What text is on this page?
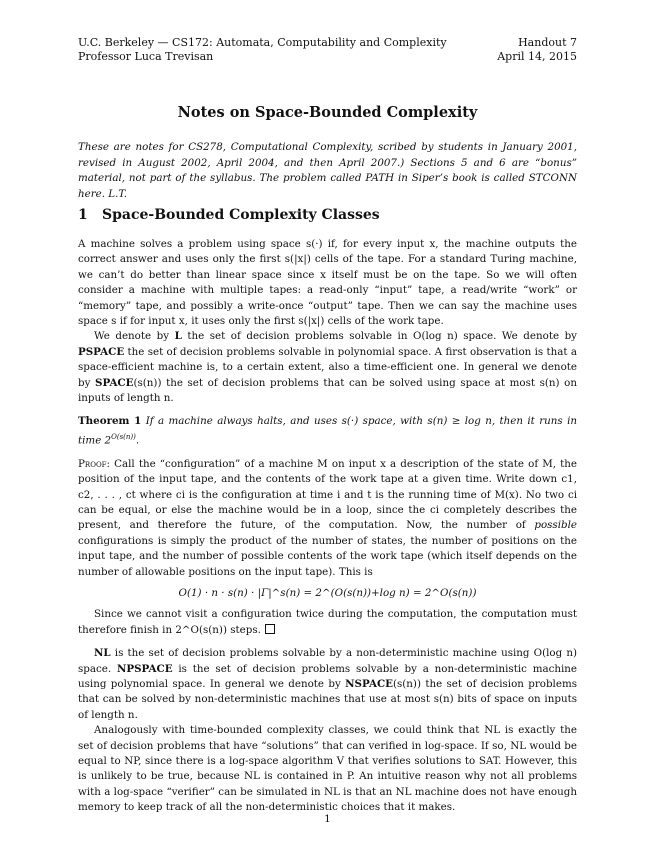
U.C. Berkeley — CS172: Automata, Computability and Complexity
Professor Luca Trevisan
Handout 7
April 14, 2015
Notes on Space-Bounded Complexity
These are notes for CS278, Computational Complexity, scribed by students in January 2001, revised in August 2002, April 2004, and then April 2007.) Sections 5 and 6 are “bonus” material, not part of the syllabus. The problem called PATH in Siper’s book is called STCONN here. L.T.
1 Space-Bounded Complexity Classes

A machine solves a problem using space s(·) if, for every input x, the machine outputs the correct answer and uses only the first s(|x|) cells of the tape. For a standard Turing machine, we can’t do better than linear space since x itself must be on the tape. So we will often consider a machine with multiple tapes: a read-only “input” tape, a read/write “work” or “memory” tape, and possibly a write-once “output” tape. Then we can say the machine uses space s if for input x, it uses only the first s(|x|) cells of the work tape.

We denote by L the set of decision problems solvable in O(log n) space. We denote by PSPACE the set of decision problems solvable in polynomial space. A first observation is that a space-efficient machine is, to a certain extent, also a time-efficient one. In general we denote by SPACE(s(n)) the set of decision problems that can be solved using space at most s(n) on inputs of length n.

Theorem 1 If a machine always halts, and uses s(·) space, with s(n) ≥ log n, then it runs in time $2^{O(s(n))}$.

Proof: Call the “configuration” of a machine M on input x a description of the state of M, the position of the input tape, and the contents of the work tape at a given time. Write down c1, c2, . . . , ct where ci is the configuration at time i and t is the running time of M(x). No two ci can be equal, or else the machine would be in a loop, since the ci completely describes the present, and therefore the future, of the computation. Now, the number of possible configurations is simply the product of the number of states, the number of positions on the input tape, and the number of possible contents of the work tape (which itself depends on the number of allowable positions on the input tape). This is

O(1) · n · s(n) · |Γ|^s(n) = 2^(O(s(n))+log n) = 2^O(s(n))

Since we cannot visit a configuration twice during the computation, the computation must therefore finish in 2^O(s(n)) steps.

NL is the set of decision problems solvable by a non-deterministic machine using O(log n) space. NPSPACE is the set of decision problems solvable by a non-deterministic machine using polynomial space. In general we denote by NSPACE(s(n)) the set of decision problems that can be solved by non-deterministic machines that use at most s(n) bits of space on inputs of length n.

Analogously with time-bounded complexity classes, we could think that NL is exactly the set of decision problems that have “solutions” that can verified in log-space. If so, NL would be equal to NP, since there is a log-space algorithm V that verifies solutions to SAT. However, this is unlikely to be true, because NL is contained in P. An intuitive reason why not all problems with a log-space “verifier” can be simulated in NL is that an NL machine does not have enough memory to keep track of all the non-deterministic choices that it makes.

1
